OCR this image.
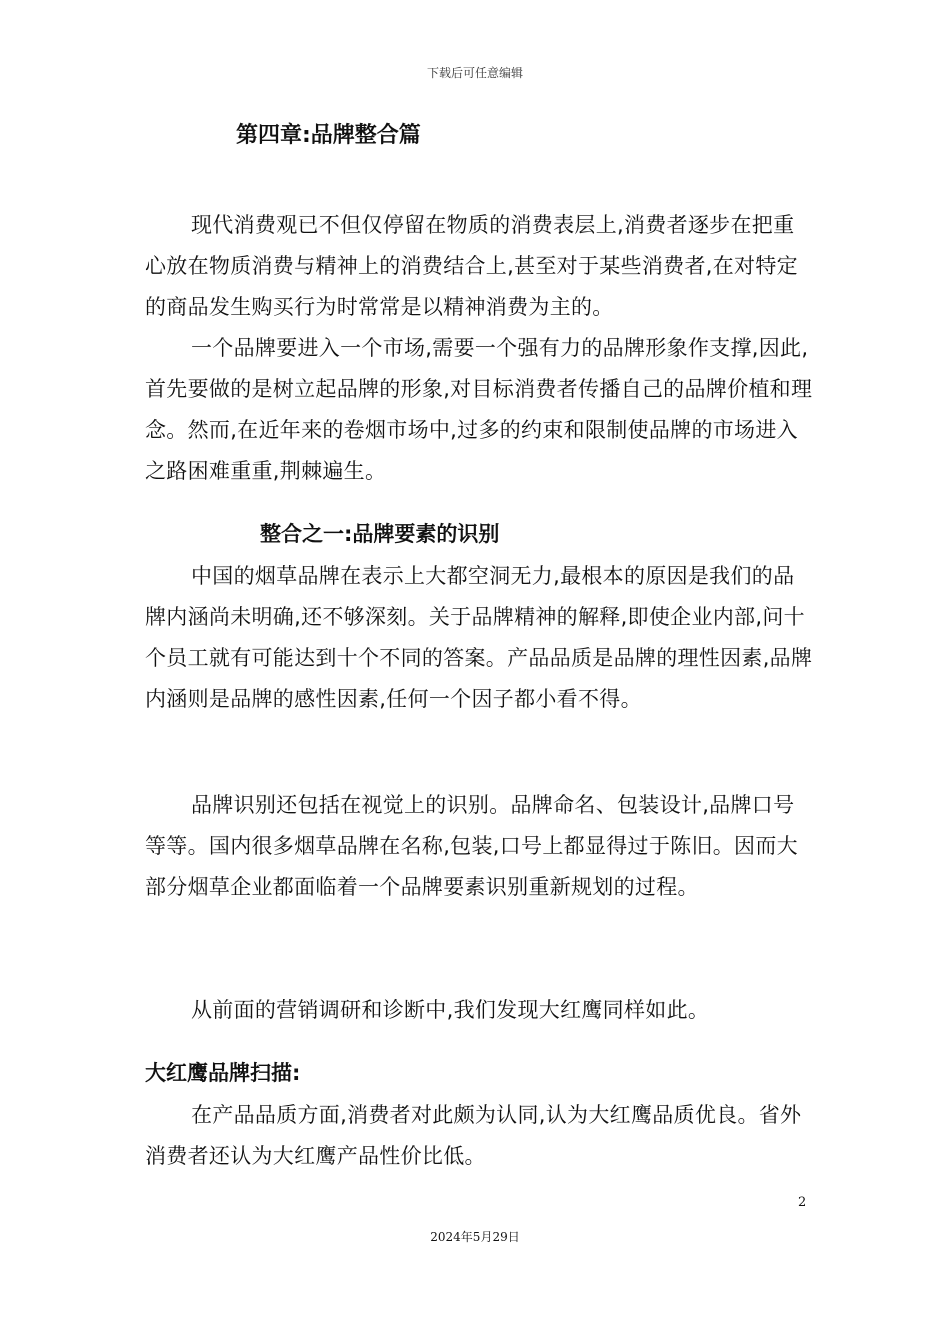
下载后可任意编辑
第四章:品牌整合篇

现代消费观已不但仅停留在物质的消费表层上,消费者逐步在把重心放在物质消费与精神上的消费结合上,甚至对于某些消费者,在对特定的商品发生购买行为时常常是以精神消费为主的。

一个品牌要进入一个市场,需要一个强有力的品牌形象作支撑,因此,首先要做的是树立起品牌的形象,对目标消费者传播自己的品牌价植和理念。然而,在近年来的卷烟市场中,过多的约束和限制使品牌的市场进入之路困难重重,荆棘遍生。

整合之一:品牌要素的识别

中国的烟草品牌在表示上大都空洞无力,最根本的原因是我们的品牌内涵尚未明确,还不够深刻。关于品牌精神的解释,即使企业内部,问十个员工就有可能达到十个不同的答案。产品品质是品牌的理性因素,品牌内涵则是品牌的感性因素,任何一个因子都小看不得。

品牌识别还包括在视觉上的识别。品牌命名、包装设计,品牌口号等等。国内很多烟草品牌在名称,包装,口号上都显得过于陈旧。因而大部分烟草企业都面临着一个品牌要素识别重新规划的过程。

从前面的营销调研和诊断中,我们发现大红鹰同样如此。

大红鹰品牌扫描:

在产品品质方面,消费者对此颇为认同,认为大红鹰品质优良。省外消费者还认为大红鹰产品性价比低。

2
2024年5月29日
